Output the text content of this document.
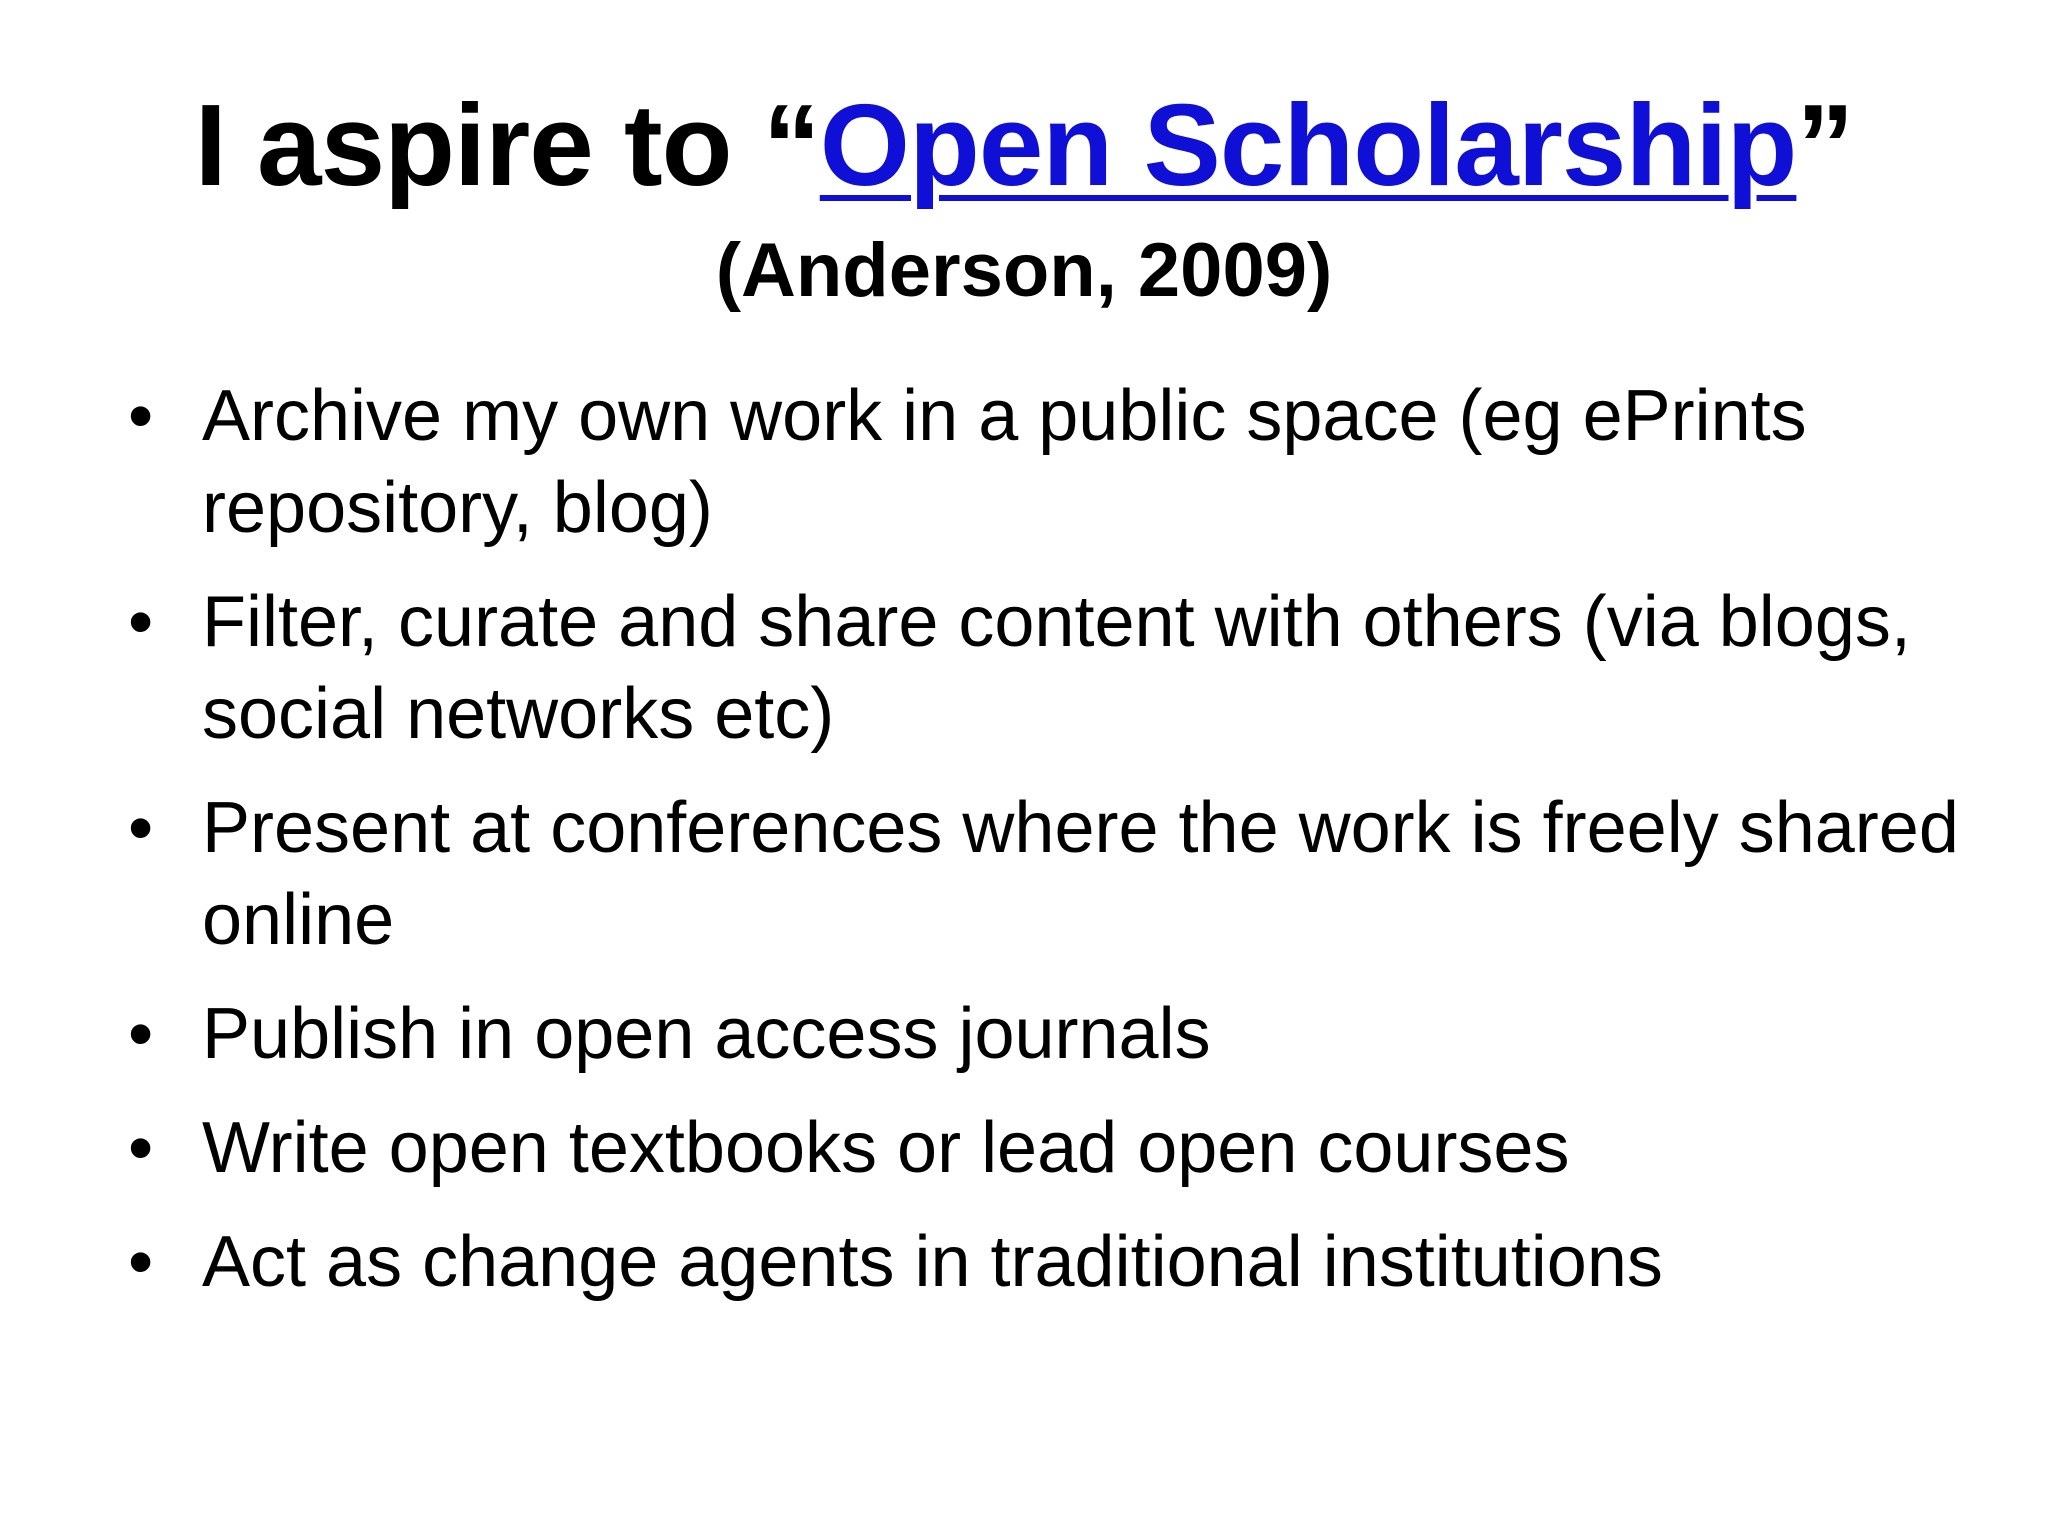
I aspire to “Open Scholarship”
(Anderson, 2009)
• Archive my own work in a public space (eg ePrints repository, blog)
• Filter, curate and share content with others (via blogs, social networks etc)
• Present at conferences where the work is freely shared online
• Publish in open access journals
• Write open textbooks or lead open courses
• Act as change agents in traditional institutions
